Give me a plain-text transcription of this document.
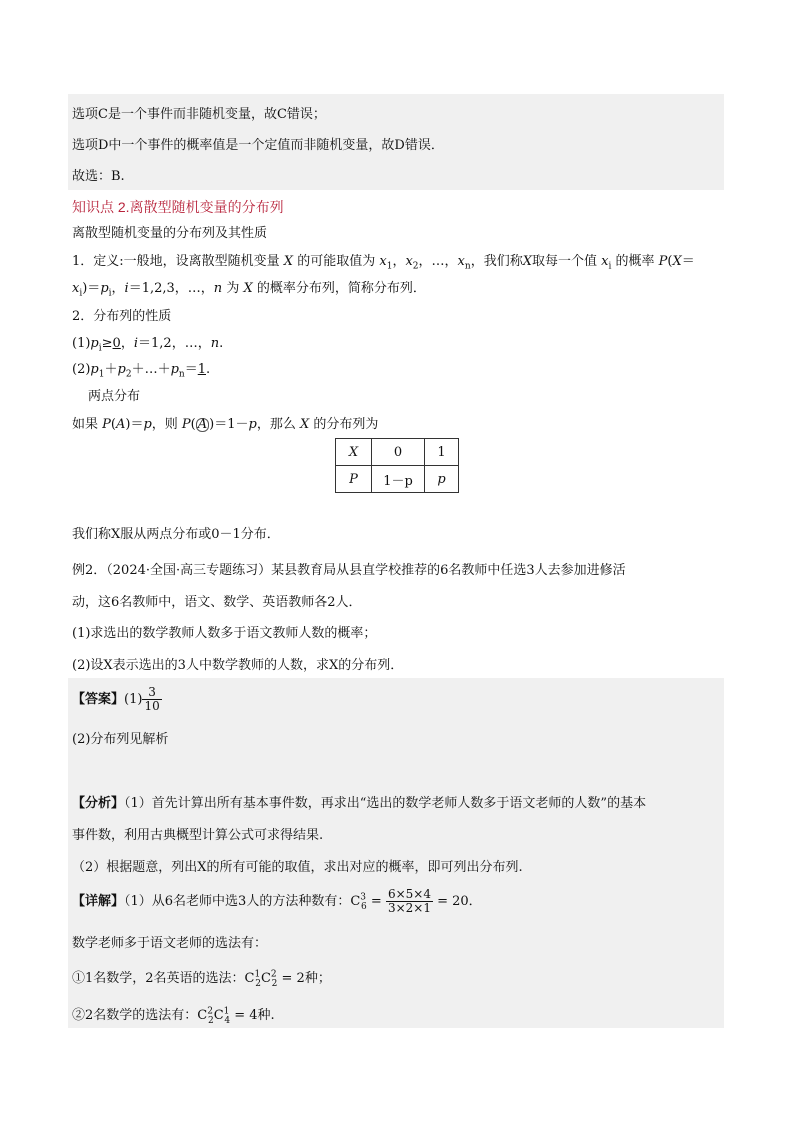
选项C是一个事件而非随机变量，故C错误；
选项D中一个事件的概率值是一个定值而非随机变量，故D错误．
故选：B.
知识点 2.离散型随机变量的分布列
离散型随机变量的分布列及其性质
1．定义:一般地，设离散型随机变量 X 的可能取值为 $x_1$，$x_2$，…，$x_n$，我们称X取每一个值 $x_i$ 的概率 P(X＝
$x_i)=p_i$，i＝1,2,3，…，n 为 X 的概率分布列，简称分布列．
2．分布列的性质
$(1)p_i\ge 0$，i＝1,2，…，n.
$(2)p_1+p_2+\dots+p_n=1$.
两点分布
如果 P(A)＝p，则 P( A )＝1－p，那么 X 的分布列为
X	0	1
P	1－p	p
我们称X服从两点分布或0－1分布．
例2．（2024·全国·高三专题练习）某县教育局从县直学校推荐的6名教师中任选3人去参加进修活
动，这6名教师中，语文、数学、英语教师各2人．
(1)求选出的数学教师人数多于语文教师人数的概率；
(2)设X表示选出的3人中数学教师的人数，求X的分布列．
【答案】$(1) \frac{3}{10}$
(2)分布列见解析
【分析】（1）首先计算出所有基本事件数，再求出“选出的数学老师人数多于语文老师的人数”的基本
事件数，利用古典概型计算公式可求得结果.
（2）根据题意，列出X的所有可能的取值，求出对应的概率，即可列出分布列.
【详解】（1）从6名老师中选3人的方法种数有：$C^3_6 = \frac{6\times 5\times 4}{3\times 2\times 1} = 20$．
数学老师多于语文老师的选法有：
①1名数学，2名英语的选法：$C^1_2C^2_2 = 2$种；
②2名数学的选法有：$C^2_2C^1_4 = 4$种.
